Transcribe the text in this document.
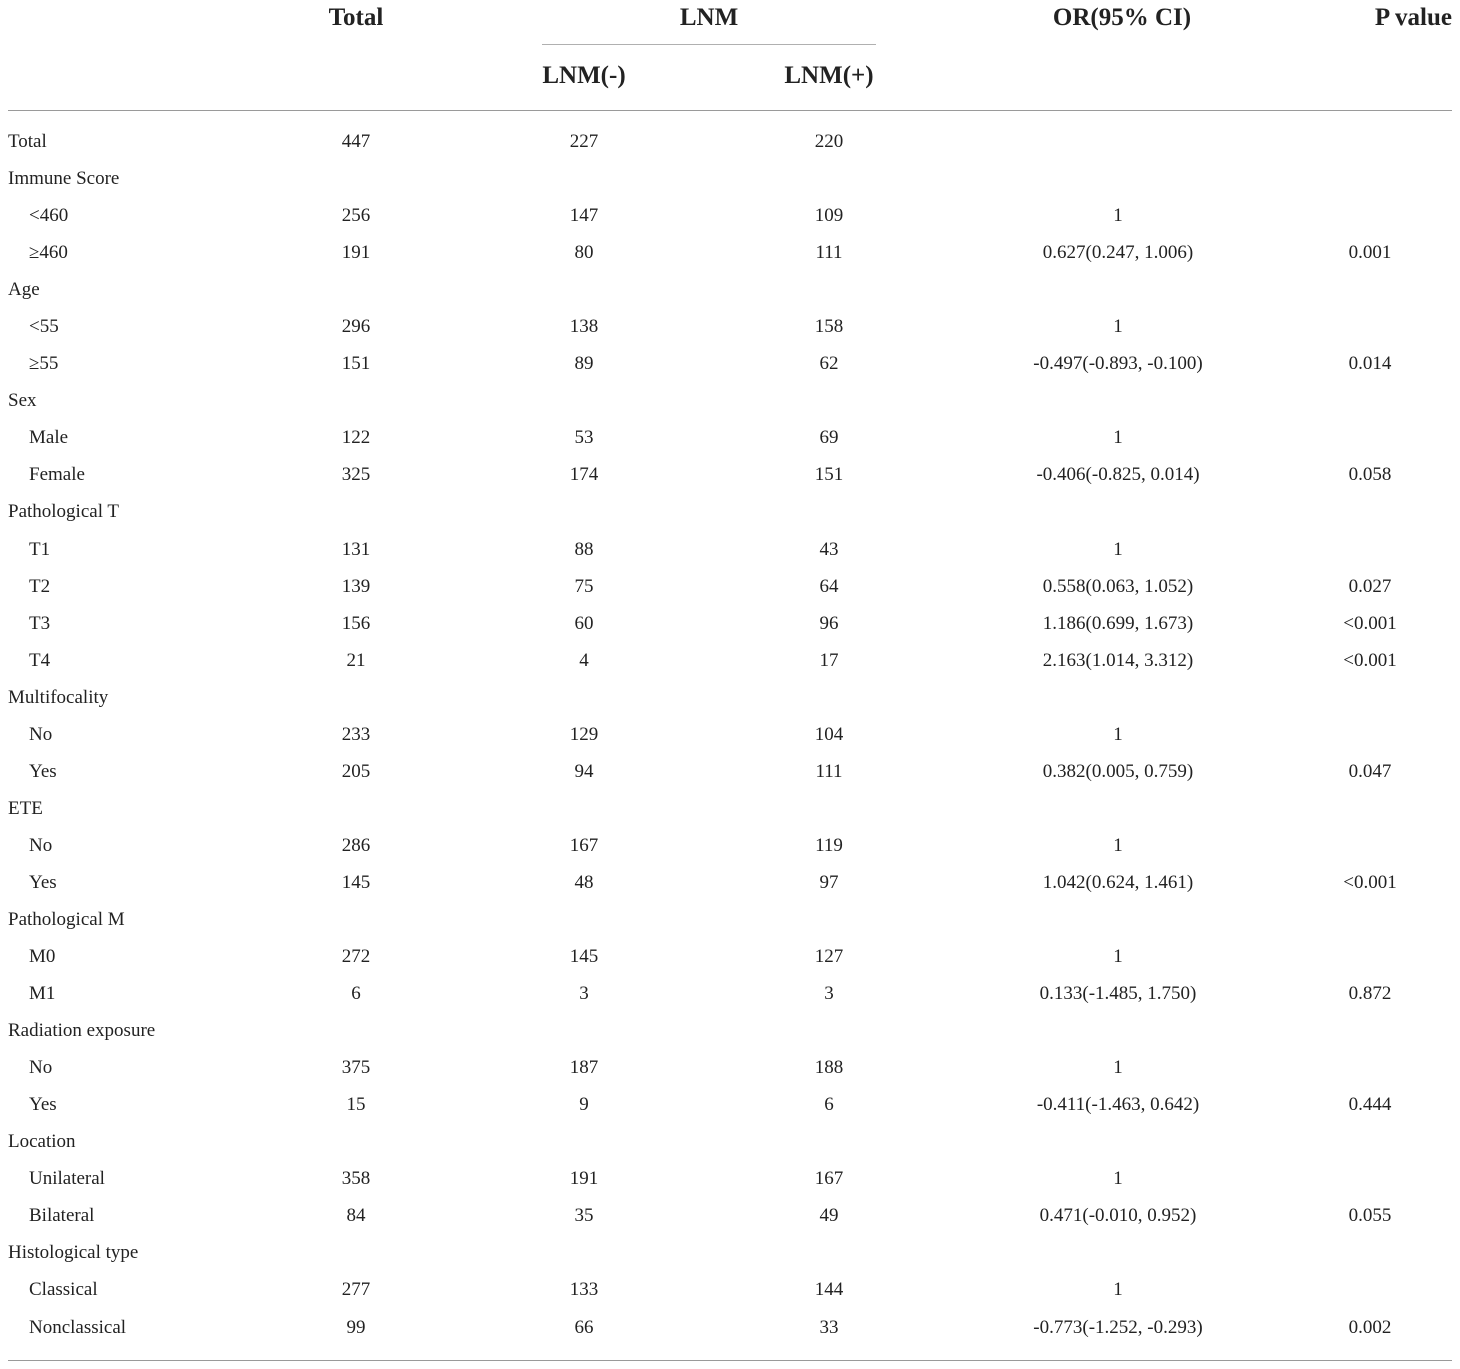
Total	LNM	OR(95% CI)	P value
LNM(-)	LNM(+)
Total	447	227	220		
Immune Score					
<460	256	147	109	1	
≥460	191	80	111	0.627(0.247, 1.006)	0.001
Age					
<55	296	138	158	1	
≥55	151	89	62	-0.497(-0.893, -0.100)	0.014
Sex					
Male	122	53	69	1	
Female	325	174	151	-0.406(-0.825, 0.014)	0.058
Pathological T					
T1	131	88	43	1	
T2	139	75	64	0.558(0.063, 1.052)	0.027
T3	156	60	96	1.186(0.699, 1.673)	<0.001
T4	21	4	17	2.163(1.014, 3.312)	<0.001
Multifocality					
No	233	129	104	1	
Yes	205	94	111	0.382(0.005, 0.759)	0.047
ETE					
No	286	167	119	1	
Yes	145	48	97	1.042(0.624, 1.461)	<0.001
Pathological M					
M0	272	145	127	1	
M1	6	3	3	0.133(-1.485, 1.750)	0.872
Radiation exposure					
No	375	187	188	1	
Yes	15	9	6	-0.411(-1.463, 0.642)	0.444
Location					
Unilateral	358	191	167	1	
Bilateral	84	35	49	0.471(-0.010, 0.952)	0.055
Histological type					
Classical	277	133	144	1	
Nonclassical	99	66	33	-0.773(-1.252, -0.293)	0.002
